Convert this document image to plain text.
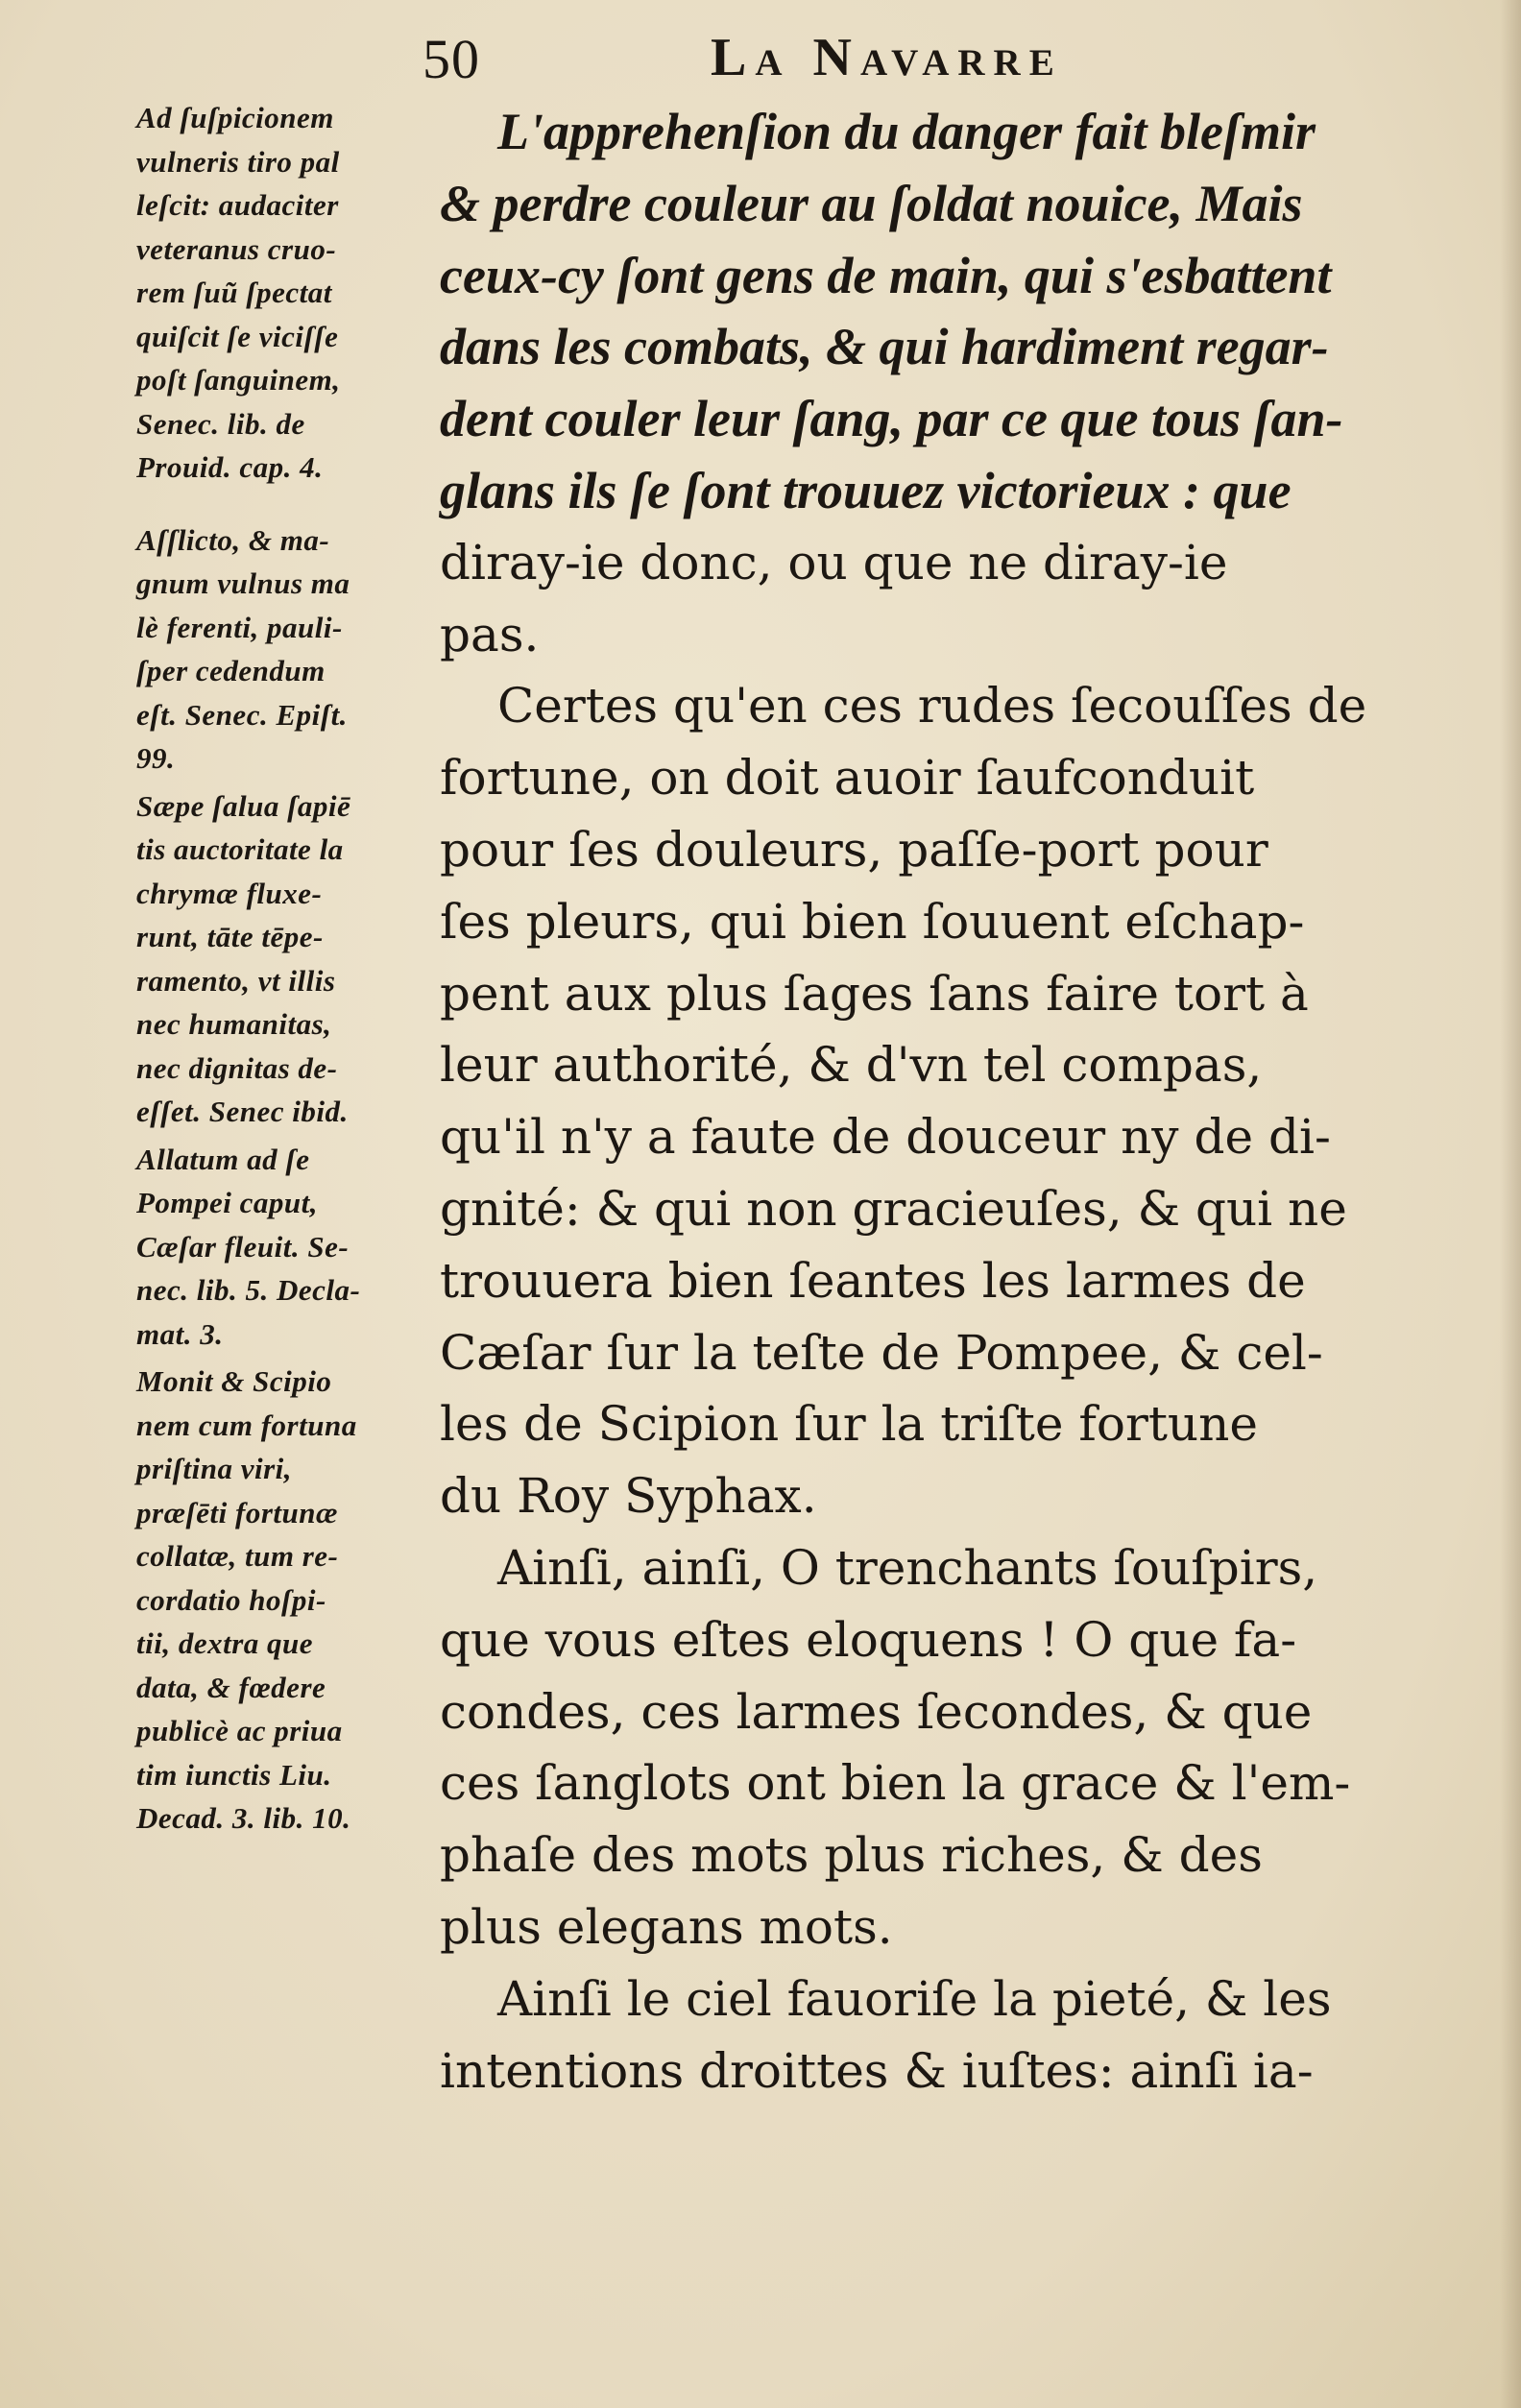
50	La Navarre
Ad ſuſpicionem
vulneris tiro pal
leſcit: audaciter
veteranus cruo-
rem ſuũ ſpectat
quiſcit ſe viciſſe
poſt ſanguinem,
Senec. lib. de
Prouid. cap. 4.
Aſſlicto, & ma-
gnum vulnus ma
lè ferenti, pauli-
ſper cedendum
eſt. Senec. Epiſt.
99.
Sæpe ſalua ſapiē
tis auctoritate la
chrymæ fluxe-
runt, tāte tēpe-
ramento, vt illis
nec humanitas,
nec dignitas de-
eſſet. Senec ibid.
Allatum ad ſe
Pompei caput,
Cæſar fleuit. Se-
nec. lib. 5. Decla-
mat. 3.
Monit & Scipio
nem cum fortuna
priſtina viri,
præſēti fortunæ
collatæ, tum re-
cordatio hoſpi-
tii, dextra que
data, & fœdere
publicè ac priua
tim iunctis Liu.
Decad. 3. lib. 10.
L'apprehenſion du danger fait bleſmir
& perdre couleur au ſoldat nouice, Mais
ceux-cy ſont gens de main, qui s'esbattent
dans les combats, & qui hardiment regar-
dent couler leur ſang, par ce que tous ſan-
glans ils ſe ſont trouuez victorieux : que
diray-ie donc, ou que ne diray-ie
pas.
Certes qu'en ces rudes ſecouſſes de
fortune, on doit auoir ſaufconduit
pour ſes douleurs, paſſe-port pour
ſes pleurs, qui bien ſouuent eſchap-
pent aux plus ſages ſans faire tort à
leur authorité, & d'vn tel compas,
qu'il n'y a faute de douceur ny de di-
gnité: & qui non gracieuſes, & qui ne
trouuera bien ſeantes les larmes de
Cæſar ſur la teſte de Pompee, & cel-
les de Scipion ſur la triſte fortune
du Roy Syphax.
Ainſi, ainſi, O trenchants ſouſpirs,
que vous eſtes eloquens ! O que fa-
condes, ces larmes ſecondes, & que
ces ſanglots ont bien la grace & l'em-
phaſe des mots plus riches, & des
plus elegans mots.
Ainſi le ciel fauoriſe la pieté, & les
intentions droittes & iuſtes: ainſi ia-
